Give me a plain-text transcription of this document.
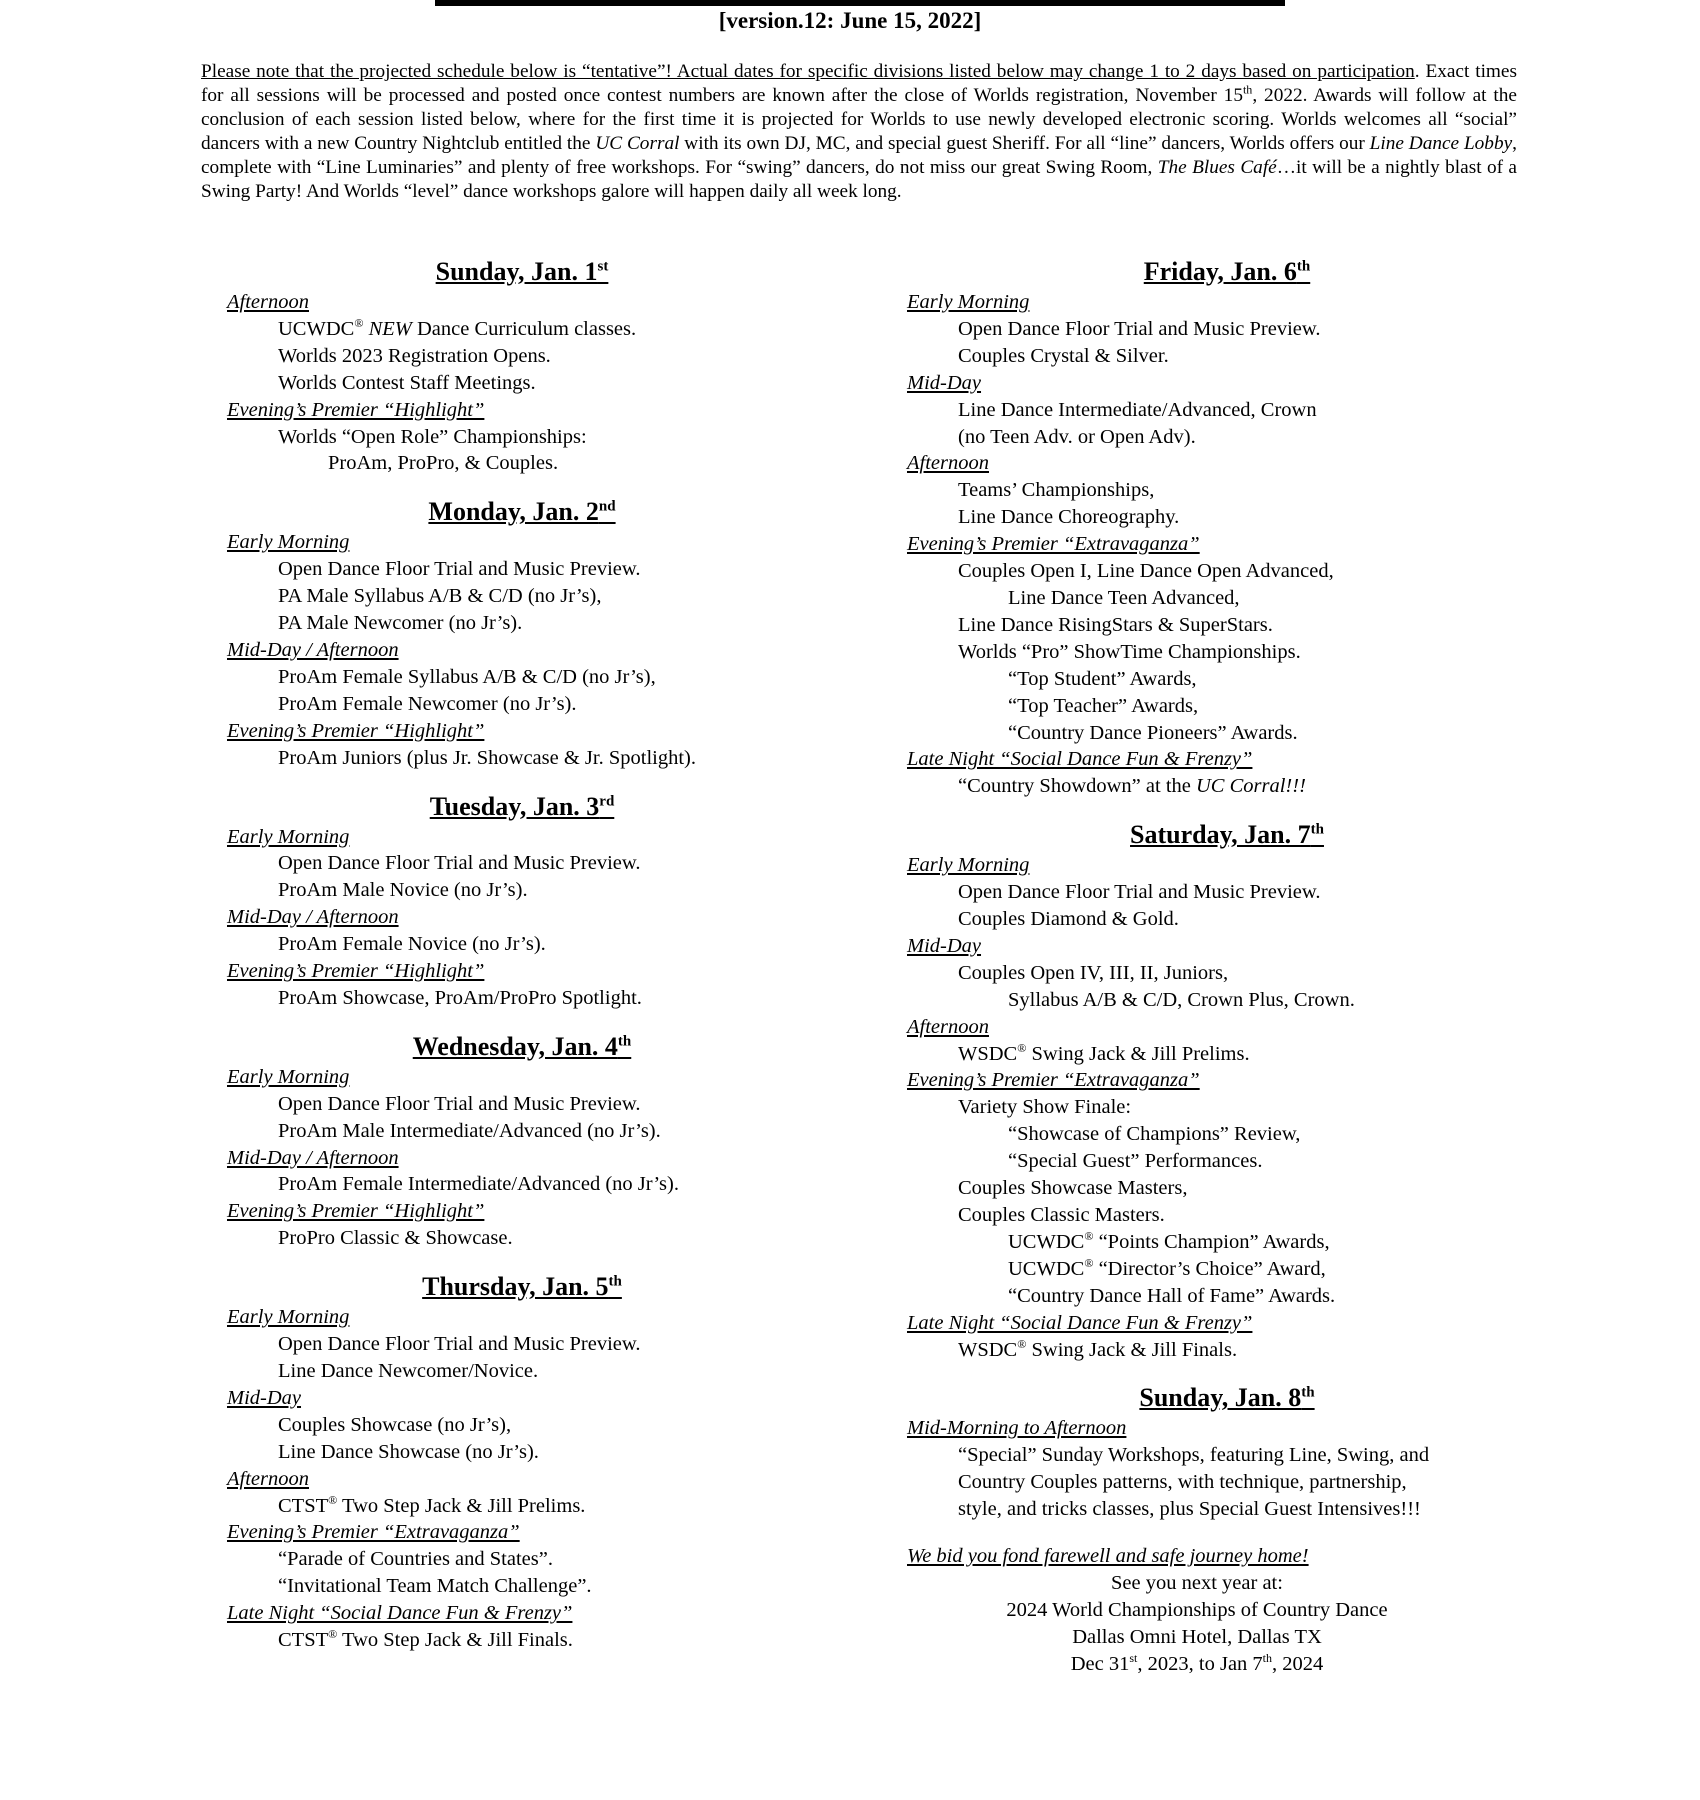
[version.12: June 15, 2022]
Please note that the projected schedule below is “tentative”! Actual dates for specific divisions listed below may change 1 to 2 days based on participation. Exact times for all sessions will be processed and posted once contest numbers are known after the close of Worlds registration, November 15th, 2022. Awards will follow at the conclusion of each session listed below, where for the first time it is projected for Worlds to use newly developed electronic scoring. Worlds welcomes all “social” dancers with a new Country Nightclub entitled the UC Corral with its own DJ, MC, and special guest Sheriff. For all “line” dancers, Worlds offers our Line Dance Lobby, complete with “Line Luminaries” and plenty of free workshops. For “swing” dancers, do not miss our great Swing Room, The Blues Café…it will be a nightly blast of a Swing Party! And Worlds “level” dance workshops galore will happen daily all week long.
Sunday, Jan. 1st
Afternoon
UCWDC® NEW Dance Curriculum classes.
Worlds 2023 Registration Opens.
Worlds Contest Staff Meetings.
Evening’s Premier “Highlight”
Worlds “Open Role” Championships:
ProAm, ProPro, & Couples.
Monday, Jan. 2nd
Early Morning
Open Dance Floor Trial and Music Preview.
PA Male Syllabus A/B & C/D (no Jr’s),
PA Male Newcomer (no Jr’s).
Mid-Day / Afternoon
ProAm Female Syllabus A/B & C/D (no Jr’s),
ProAm Female Newcomer (no Jr’s).
Evening’s Premier “Highlight”
ProAm Juniors (plus Jr. Showcase & Jr. Spotlight).
Tuesday, Jan. 3rd
Early Morning
Open Dance Floor Trial and Music Preview.
ProAm Male Novice (no Jr’s).
Mid-Day / Afternoon
ProAm Female Novice (no Jr’s).
Evening’s Premier “Highlight”
ProAm Showcase, ProAm/ProPro Spotlight.
Wednesday, Jan. 4th
Early Morning
Open Dance Floor Trial and Music Preview.
ProAm Male Intermediate/Advanced (no Jr’s).
Mid-Day / Afternoon
ProAm Female Intermediate/Advanced (no Jr’s).
Evening’s Premier “Highlight”
ProPro Classic & Showcase.
Thursday, Jan. 5th
Early Morning
Open Dance Floor Trial and Music Preview.
Line Dance Newcomer/Novice.
Mid-Day
Couples Showcase (no Jr’s),
Line Dance Showcase (no Jr’s).
Afternoon
CTST® Two Step Jack & Jill Prelims.
Evening’s Premier “Extravaganza”
“Parade of Countries and States”.
“Invitational Team Match Challenge”.
Late Night “Social Dance Fun & Frenzy”
CTST® Two Step Jack & Jill Finals.
Friday, Jan. 6th
Early Morning
Open Dance Floor Trial and Music Preview.
Couples Crystal & Silver.
Mid-Day
Line Dance Intermediate/Advanced, Crown
(no Teen Adv. or Open Adv).
Afternoon
Teams’ Championships,
Line Dance Choreography.
Evening’s Premier “Extravaganza”
Couples Open I, Line Dance Open Advanced,
Line Dance Teen Advanced,
Line Dance RisingStars & SuperStars.
Worlds “Pro” ShowTime Championships.
“Top Student” Awards,
“Top Teacher” Awards,
“Country Dance Pioneers” Awards.
Late Night “Social Dance Fun & Frenzy”
“Country Showdown” at the UC Corral!!!
Saturday, Jan. 7th
Early Morning
Open Dance Floor Trial and Music Preview.
Couples Diamond & Gold.
Mid-Day
Couples Open IV, III, II, Juniors,
Syllabus A/B & C/D, Crown Plus, Crown.
Afternoon
WSDC® Swing Jack & Jill Prelims.
Evening’s Premier “Extravaganza”
Variety Show Finale:
“Showcase of Champions” Review,
“Special Guest” Performances.
Couples Showcase Masters,
Couples Classic Masters.
UCWDC® “Points Champion” Awards,
UCWDC® “Director’s Choice” Award,
“Country Dance Hall of Fame” Awards.
Late Night “Social Dance Fun & Frenzy”
WSDC® Swing Jack & Jill Finals.
Sunday, Jan. 8th
Mid-Morning to Afternoon
“Special” Sunday Workshops, featuring Line, Swing, and
Country Couples patterns, with technique, partnership,
style, and tricks classes, plus Special Guest Intensives!!!
We bid you fond farewell and safe journey home!
See you next year at:
2024 World Championships of Country Dance
Dallas Omni Hotel, Dallas TX
Dec 31st, 2023, to Jan 7th, 2024
